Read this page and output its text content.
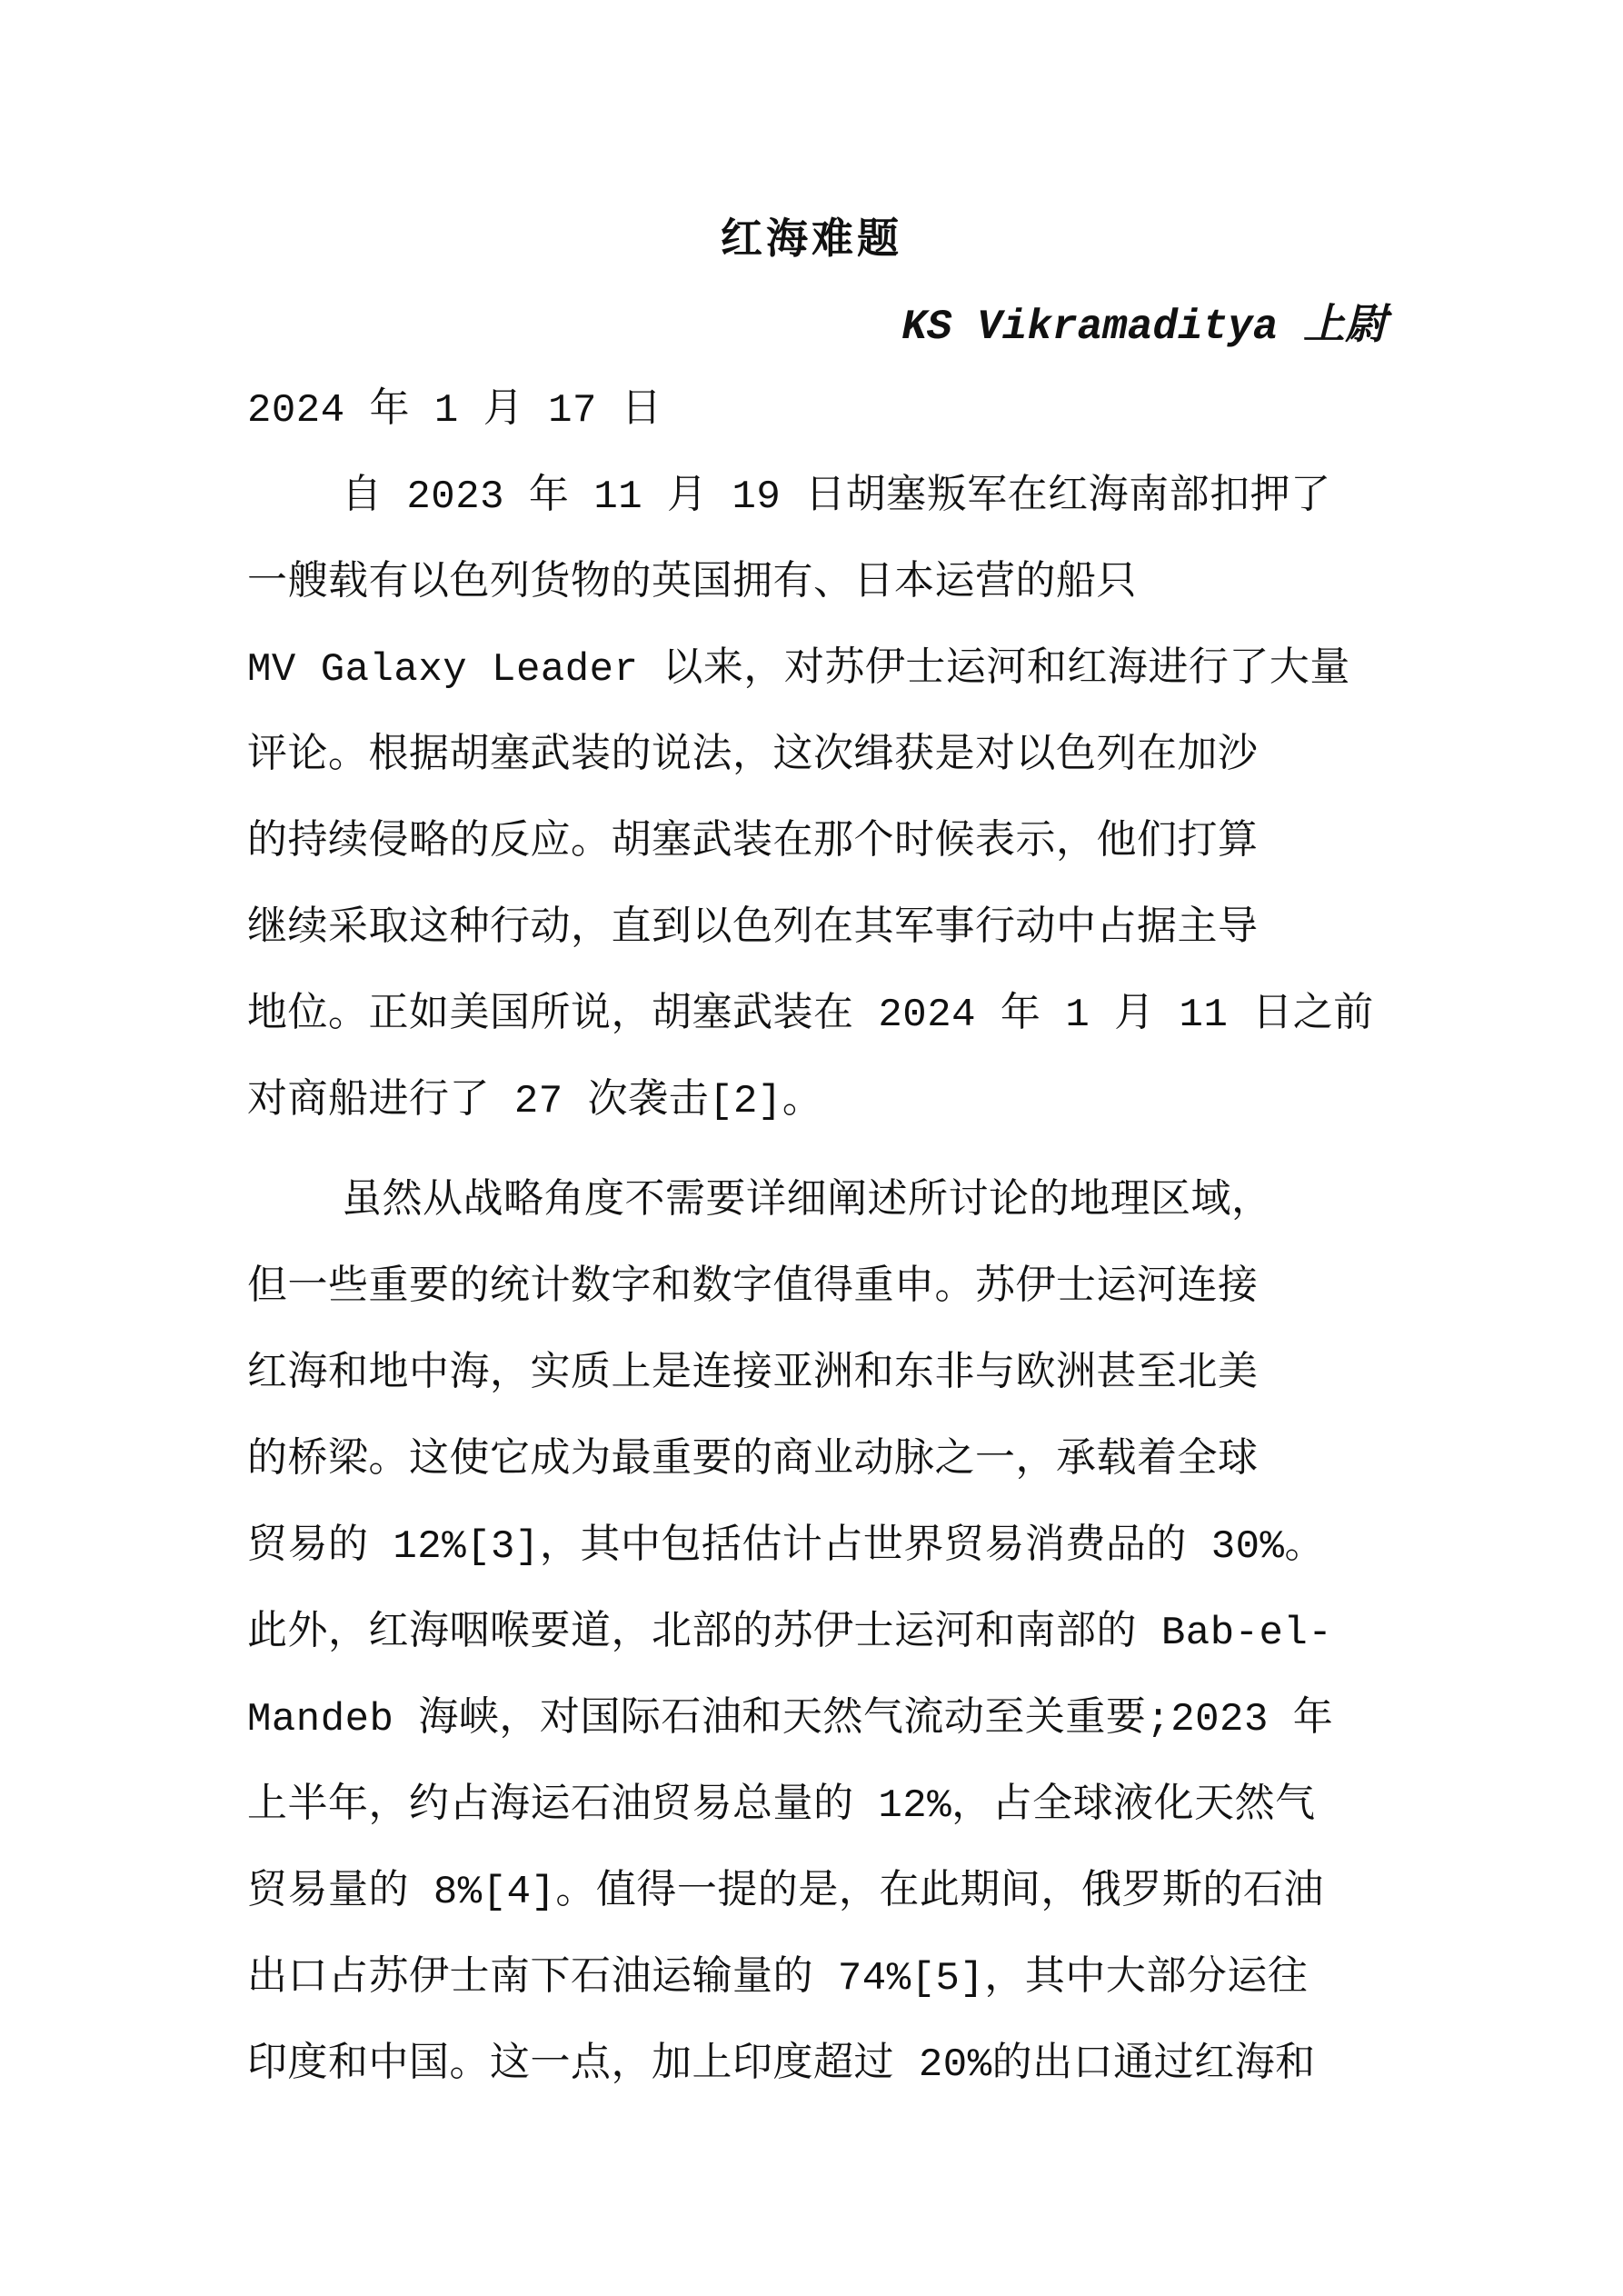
红海难题
KS Vikramaditya 上尉
2024 年 1 月 17 日
自 2023 年 11 月 19 日胡塞叛军在红海南部扣押了
一艘载有以色列货物的英国拥有、日本运营的船只
MV Galaxy Leader 以来，对苏伊士运河和红海进行了大量
评论。根据胡塞武装的说法，这次缉获是对以色列在加沙
的持续侵略的反应。胡塞武装在那个时候表示，他们打算
继续采取这种行动，直到以色列在其军事行动中占据主导
地位。正如美国所说，胡塞武装在 2024 年 1 月 11 日之前
对商船进行了 27 次袭击[2]。
虽然从战略角度不需要详细阐述所讨论的地理区域，
但一些重要的统计数字和数字值得重申。苏伊士运河连接
红海和地中海，实质上是连接亚洲和东非与欧洲甚至北美
的桥梁。这使它成为最重要的商业动脉之一，承载着全球
贸易的 12%[3]，其中包括估计占世界贸易消费品的 30%。
此外，红海咽喉要道，北部的苏伊士运河和南部的 Bab-el-
Mandeb 海峡，对国际石油和天然气流动至关重要;2023 年
上半年，约占海运石油贸易总量的 12%，占全球液化天然气
贸易量的 8%[4]。值得一提的是，在此期间，俄罗斯的石油
出口占苏伊士南下石油运输量的 74%[5]，其中大部分运往
印度和中国。这一点，加上印度超过 20%的出口通过红海和
